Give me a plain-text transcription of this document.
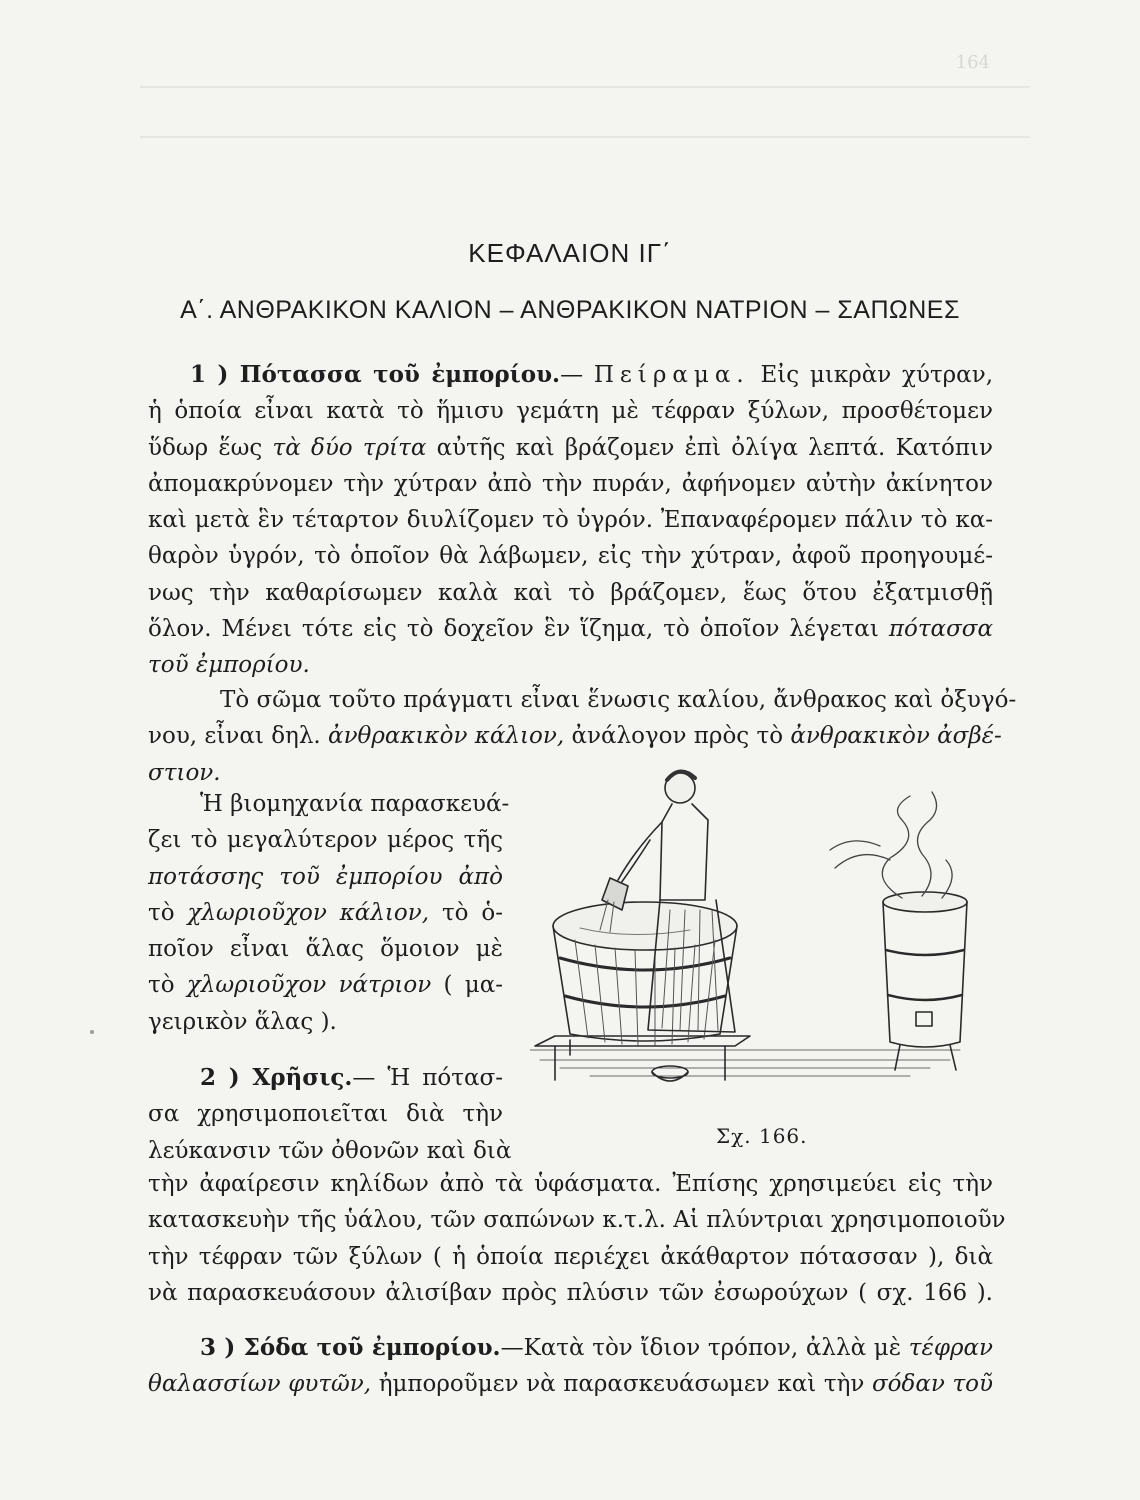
164
ΚΕΦΑΛΑΙΟΝ ΙΓ΄
Α΄. ΑΝΘΡΑΚΙΚΟΝ ΚΑΛΙΟΝ – ΑΝΘΡΑΚΙΚΟΝ ΝΑΤΡΙΟΝ – ΣΑΠΩΝΕΣ
1 ) Πότασσα τοῦ ἐμπορίου.— Πείραμα. Εἰς μικρὰν χύτραν,
ἡ ὁποία εἶναι κατὰ τὸ ἥμισυ γεμάτη μὲ τέφραν ξύλων, προσθέτομεν
ὕδωρ ἕως τὰ δύο τρίτα αὐτῆς καὶ βράζομεν ἐπὶ ὀλίγα λεπτά. Κατόπιν
ἀπομακρύνομεν τὴν χύτραν ἀπὸ τὴν πυράν, ἀφήνομεν αὐτὴν ἀκίνητον
καὶ μετὰ ἓν τέταρτον διυλίζομεν τὸ ὑγρόν. Ἐπαναφέρομεν πάλιν τὸ κα-
θαρὸν ὑγρόν, τὸ ὁποῖον θὰ λάβωμεν, εἰς τὴν χύτραν, ἀφοῦ προηγουμέ-
νως τὴν καθαρίσωμεν καλὰ καὶ τὸ βράζομεν, ἕως ὅτου ἐξατμισθῇ
ὅλον. Μένει τότε εἰς τὸ δοχεῖον ἓν ἵζημα, τὸ ὁποῖον λέγεται πότασσα
τοῦ ἐμπορίου.
Τὸ σῶμα τοῦτο πράγματι εἶναι ἕνωσις καλίου, ἄνθρακος καὶ ὀξυγό-
νου, εἶναι δηλ. ἀνθρακικὸν κάλιον, ἀνάλογον πρὸς τὸ ἀνθρακικὸν ἀσβέ-
στιον.
Ἡ βιομηχανία παρασκευά-
ζει τὸ μεγαλύτερον μέρος τῆς
ποτάσσης τοῦ ἐμπορίου ἀπὸ
τὸ χλωριοῦχον κάλιον, τὸ ὁ-
ποῖον εἶναι ἅλας ὅμοιον μὲ
τὸ χλωριοῦχον νάτριον ( μα-
γειρικὸν ἅλας ).
2 ) Χρῆσις.— Ἡ πότασ-
σα χρησιμοποιεῖται διὰ τὴν
λεύκανσιν τῶν ὀθονῶν καὶ διὰ
τὴν ἀφαίρεσιν κηλίδων ἀπὸ τὰ ὑφάσματα. Ἐπίσης χρησιμεύει εἰς τὴν
κατασκευὴν τῆς ὑάλου, τῶν σαπώνων κ.τ.λ. Αἱ πλύντριαι χρησιμοποιοῦν
τὴν τέφραν τῶν ξύλων ( ἡ ὁποία περιέχει ἀκάθαρτον πότασσαν ), διὰ
νὰ παρασκευάσουν ἀλισίβαν πρὸς πλύσιν τῶν ἐσωρούχων ( σχ. 166 ).
3 ) Σόδα τοῦ ἐμπορίου.—Κατὰ τὸν ἴδιον τρόπον, ἀλλὰ μὲ τέφραν
θαλασσίων φυτῶν, ἠμποροῦμεν νὰ παρασκευάσωμεν καὶ τὴν σόδαν τοῦ
Σχ. 166.
